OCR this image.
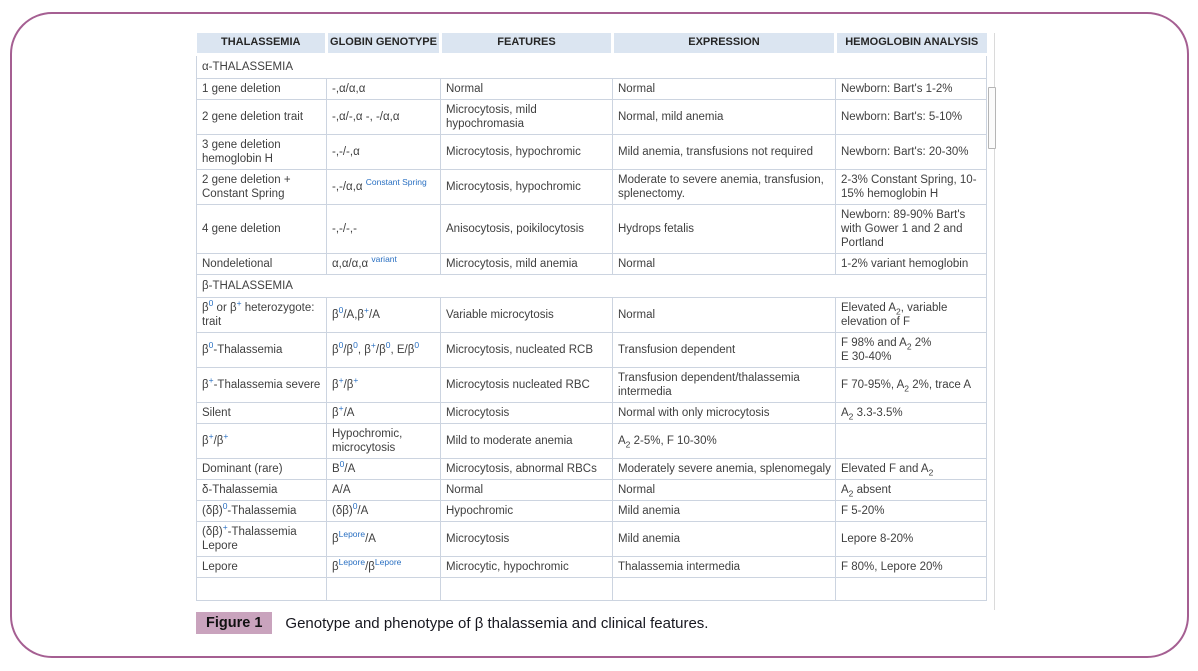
THALASSEMIA	GLOBIN GENOTYPE	FEATURES	EXPRESSION	HEMOGLOBIN ANALYSIS
α-THALASSEMIA				
1 gene deletion	-,α/α,α	Normal	Normal	Newborn: Bart's 1-2%
2 gene deletion trait	-,α/-,α -, -/α,α	Microcytosis, mild hypochromasia	Normal, mild anemia	Newborn: Bart's: 5-10%
3 gene deletion hemoglobin H	-,-/-,α	Microcytosis, hypochromic	Mild anemia, transfusions not required	Newborn: Bart's: 20-30%
2 gene deletion + Constant Spring	-,-/α,α $^{Constant Spring}$	Microcytosis, hypochromic	Moderate to severe anemia, transfusion, splenectomy.	2-3% Constant Spring, 10-15% hemoglobin H
4 gene deletion	-,-/-,-	Anisocytosis, poikilocytosis	Hydrops fetalis	Newborn: 89-90% Bart's with Gower 1 and 2 and Portland
Nondeletional	α,α/α,α $^{variant}$	Microcytosis, mild anemia	Normal	1-2% variant hemoglobin
β-THALASSEMIA				
$\beta^0$ or β+ heterozygote: trait	$\beta^0/A,\beta^+/A$	Variable microcytosis	Normal	Elevated $A_2$, variable elevation of F
$\beta^0$-Thalassemia	$\beta^0/\beta^0$, $\beta^+/\beta^0$, $E/\beta^0$	Microcytosis, nucleated RCB	Transfusion dependent	F 98% and $A_2$ 2%
E 30-40%
β+-Thalassemia severe	β+/β+	Microcytosis nucleated RBC	Transfusion dependent/thalassemia intermedia	F 70-95%, $A_2$ 2%, trace A
Silent	β+/A	Microcytosis	Normal with only microcytosis	$A_2$ 3.3-3.5%
β+/β+	Hypochromic, microcytosis	Mild to moderate anemia	$A_2$ 2-5%, F 10-30%	
Dominant (rare)	$B^0/A$	Microcytosis, abnormal RBCs	Moderately severe anemia, splenomegaly	Elevated F and $A_2$
δ-Thalassemia	A/A	Normal	Normal	$A_2$ absent
$(\delta\beta)^0$-Thalassemia	$(\delta\beta)^0/A$	Hypochromic	Mild anemia	F 5-20%
(δβ)+-Thalassemia Lepore	$\beta^{Lepore}/A$	Microcytosis	Mild anemia	Lepore 8-20%
Lepore	$\beta^{Lepore}/\beta^{Lepore}$	Microcytic, hypochromic	Thalassemia intermedia	F 80%, Lepore 20%

Figure 1	Genotype and phenotype of β thalassemia and clinical features.
